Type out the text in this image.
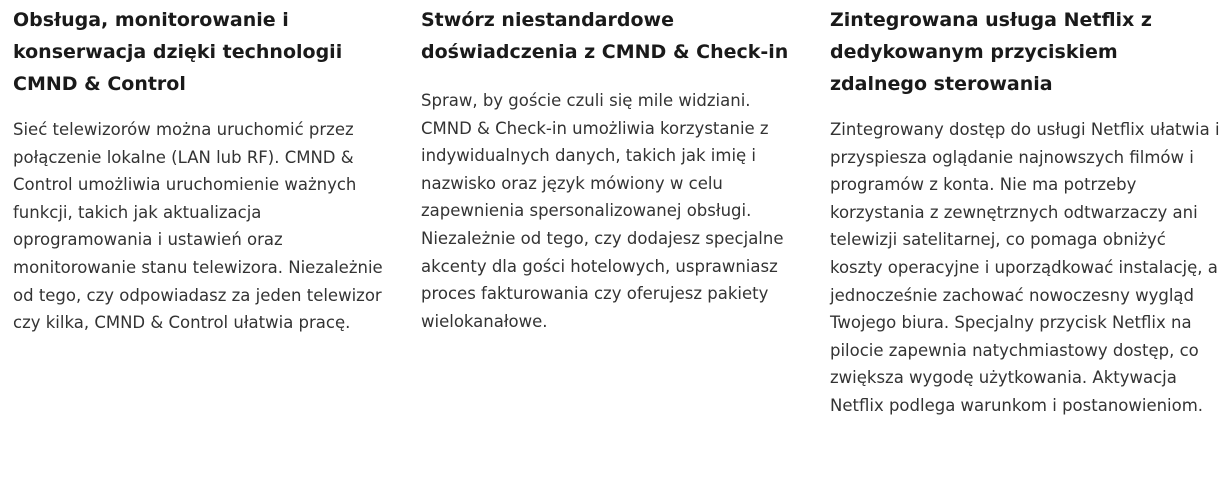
Obsługa, monitorowanie i konserwacja dzięki technologii CMND & Control

Sieć telewizorów można uruchomić przez połączenie lokalne (LAN lub RF). CMND & Control umożliwia uruchomienie ważnych funkcji, takich jak aktualizacja oprogramowania i ustawień oraz monitorowanie stanu telewizora. Niezależnie od tego, czy odpowiadasz za jeden telewizor czy kilka, CMND & Control ułatwia pracę.

Stwórz niestandardowe doświadczenia z CMND & Check-in

Spraw, by goście czuli się mile widziani. CMND & Check-in umożliwia korzystanie z indywidualnych danych, takich jak imię i nazwisko oraz język mówiony w celu zapewnienia spersonalizowanej obsługi. Niezależnie od tego, czy dodajesz specjalne akcenty dla gości hotelowych, usprawniasz proces fakturowania czy oferujesz pakiety wielokanałowe.

Zintegrowana usługa Netflix z dedykowanym przyciskiem zdalnego sterowania

Zintegrowany dostęp do usługi Netflix ułatwia i przyspiesza oglądanie najnowszych filmów i programów z konta. Nie ma potrzeby korzystania z zewnętrznych odtwarzaczy ani telewizji satelitarnej, co pomaga obniżyć koszty operacyjne i uporządkować instalację, a jednocześnie zachować nowoczesny wygląd Twojego biura. Specjalny przycisk Netflix na pilocie zapewnia natychmiastowy dostęp, co zwiększa wygodę użytkowania. Aktywacja Netflix podlega warunkom i postanowieniom.
